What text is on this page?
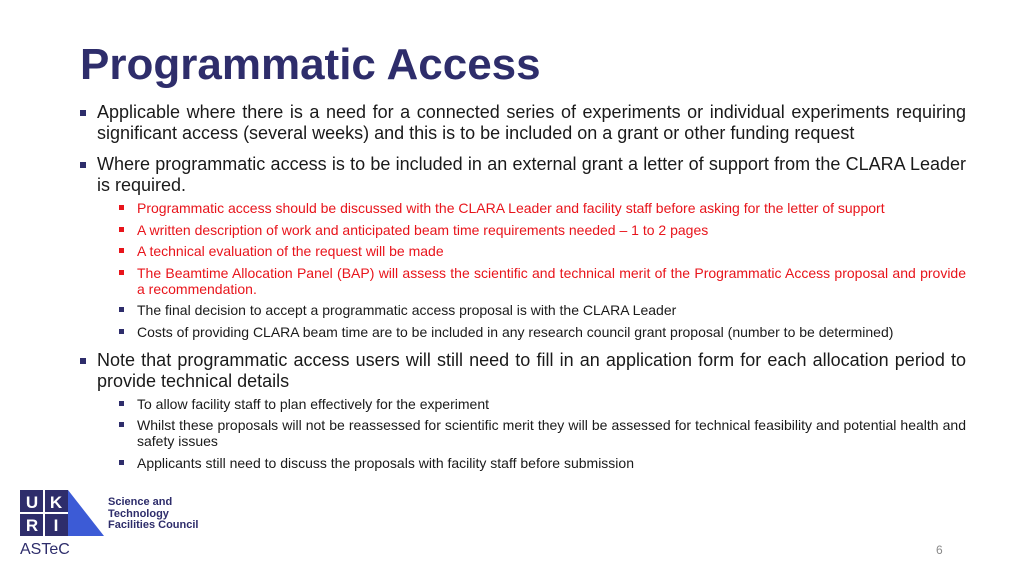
Programmatic Access
Applicable where there is a need for a connected series of experiments or individual experiments requiring significant access (several weeks) and this is to be included on a grant or other funding request
Where programmatic access is to be included in an external grant a letter of support from the CLARA Leader is required.
Programmatic access should be discussed with the CLARA Leader and facility staff before asking for the letter of support
A written description of work and anticipated beam time requirements needed – 1 to 2 pages
A technical evaluation of the request will be made
The Beamtime Allocation Panel (BAP) will assess the scientific and technical merit of the Programmatic Access proposal and provide a recommendation.
The final decision to accept a programmatic access proposal is with the CLARA Leader
Costs of providing CLARA beam time are to be included in any research council grant proposal (number to be determined)
Note that programmatic access users will still need to fill in an application form for each allocation period to provide technical details
To allow facility staff to plan effectively for the experiment
Whilst these proposals will not be reassessed for scientific merit they will be assessed for technical feasibility and potential health and safety issues
Applicants still need to discuss the proposals with facility staff before submission
U K
R I
Science and
Technology
Facilities Council
ASTeC	6
